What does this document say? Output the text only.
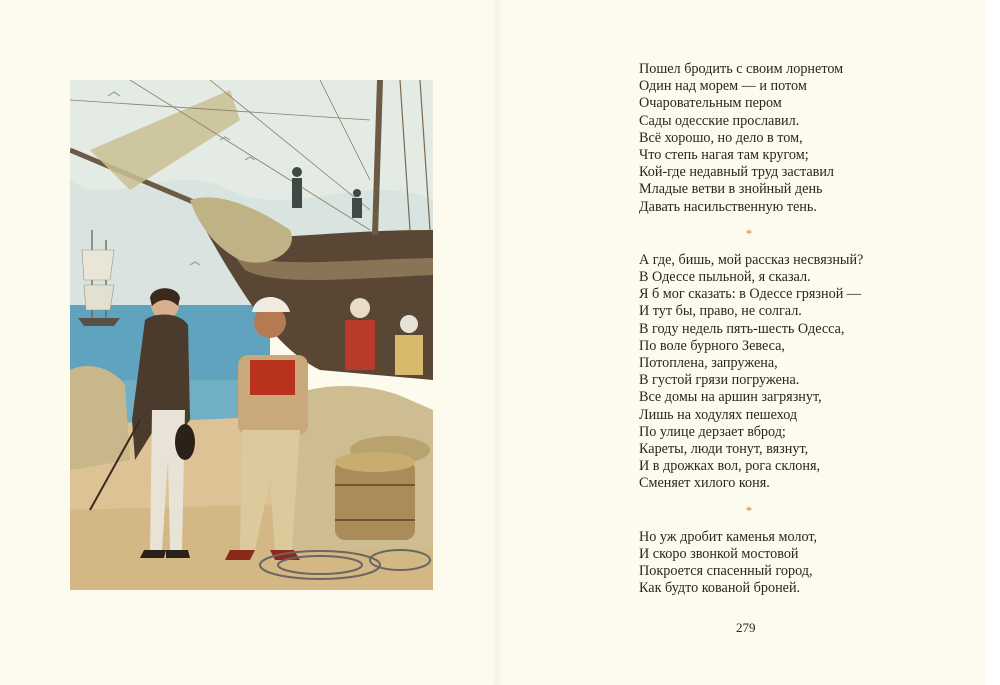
Пошел бродить с своим лорнетом
Один над морем — и потом
Очаровательным пером
Сады одесские прославил.
Всё хорошо, но дело в том,
Что степь нагая там кругом;
Кой-где недавный труд заставил
Младые ветви в знойный день
Давать насильственную тень.
*
А где, бишь, мой рассказ несвязный?
В Одессе пыльной, я сказал.
Я б мог сказать: в Одессе грязной —
И тут бы, право, не солгал.
В году недель пять-шесть Одесса,
По воле бурного Зевеса,
Потоплена, запружена,
В густой грязи погружена.
Все домы на аршин загрязнут,
Лишь на ходулях пешеход
По улице дерзает вброд;
Кареты, люди тонут, вязнут,
И в дрожках вол, рога склоня,
Сменяет хилого коня.
*
Но уж дробит каменья молот,
И скоро звонкой мостовой
Покроется спасенный город,
Как будто кованой броней.
279
